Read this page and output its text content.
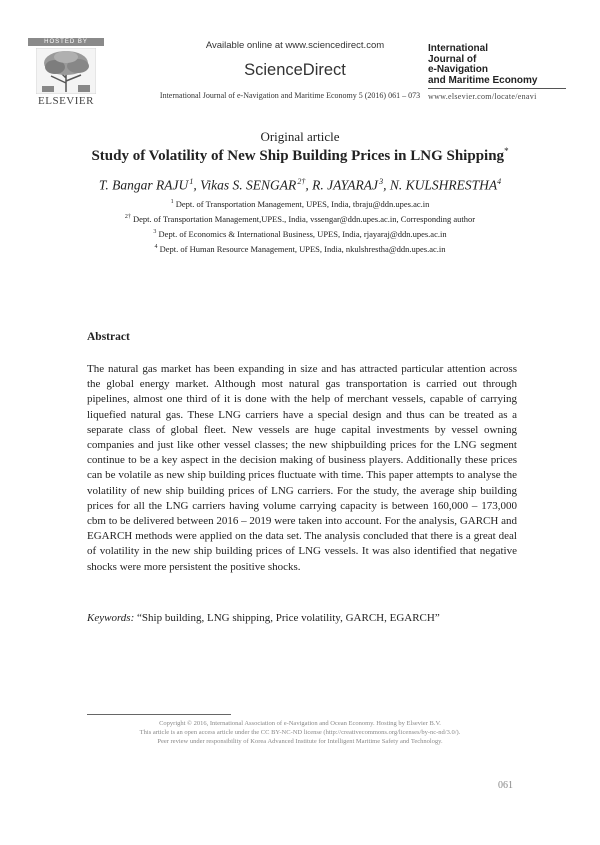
HOSTED BY
ELSEVIER
Available online at www.sciencedirect.com
ScienceDirect
International Journal of e-Navigation and Maritime Economy 5 (2016) 061 – 073
International
Journal of
e-Navigation
and Maritime Economy
www.elsevier.com/locate/enavi
Original article
Study of Volatility of New Ship Building Prices in LNG Shipping*
T. Bangar RAJU $^1$, Vikas S. SENGAR $^{2\dagger}$, R. JAYARAJ $^3$, N. KULSHRESTHA$^4$
$^1$ Dept. of Transportation Management, UPES, India, tbraju@ddn.upes.ac.in
$^{2\dagger}$ Dept. of Transportation Management,UPES., India, vssengar@ddn.upes.ac.in, Corresponding author
$^3$ Dept. of Economics & International Business, UPES, India, rjayaraj@ddn.upes.ac.in
$^4$ Dept. of Human Resource Management, UPES, India, nkulshrestha@ddn.upes.ac.in
Abstract

The natural gas market has been expanding in size and has attracted particular attention across the global energy market. Although most natural gas transportation is carried out through pipelines, almost one third of it is done with the help of merchant vessels, capable of carrying liquefied natural gas. These LNG carriers have a special design and thus can be treated as a separate class of global fleet. New vessels are huge capital investments by vessel owning companies and just like other vessel classes; the new shipbuilding prices for the LNG segment continue to be a key aspect in the decision making of business players. Additionally these prices can be volatile as new ship building prices fluctuate with time. This paper attempts to analyse the volatility of new ship building prices of LNG carriers. For the study, the average ship building prices for all the LNG carriers having volume carrying capacity is between 160,000 – 173,000 cbm to be delivered between 2016 – 2019 were taken into account. For the analysis, GARCH and EGARCH methods were applied on the data set. The analysis concluded that there is a great deal of volatility in the new ship building prices of LNG vessels. It was also identified that negative shocks were more persistent the positive shocks.

Keywords: “Ship building, LNG shipping, Price volatility, GARCH, EGARCH”
Copyright © 2016, International Association of e-Navigation and Ocean Economy. Hosting by Elsevier B.V.
This article is an open access article under the CC BY-NC-ND license (http://creativecommons.org/licenses/by-nc-nd/3.0/).
Peer review under responsibility of Korea Advanced Institute for Intelligent Maritime Safety and Technology.
061
